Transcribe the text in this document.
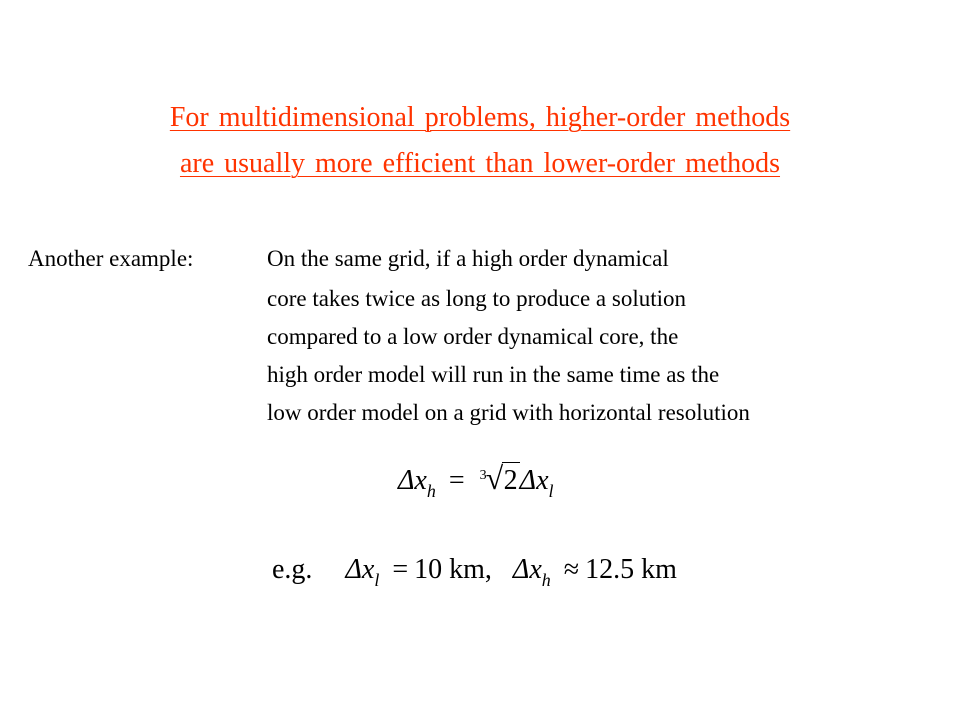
For multidimensional problems, higher-order methods
are usually more efficient than lower-order methods
Another example:	On the same grid, if a high order dynamical
core takes twice as long to produce a solution
compared to a low order dynamical core, the
high order model will run in the same time as the
low order model on a grid with horizontal resolution
$\Delta x_h = 3$ √ $2\Delta x_l$
e.g. $\Delta x_l = 10$ km, $\Delta x_h \approx 12.5$ km
